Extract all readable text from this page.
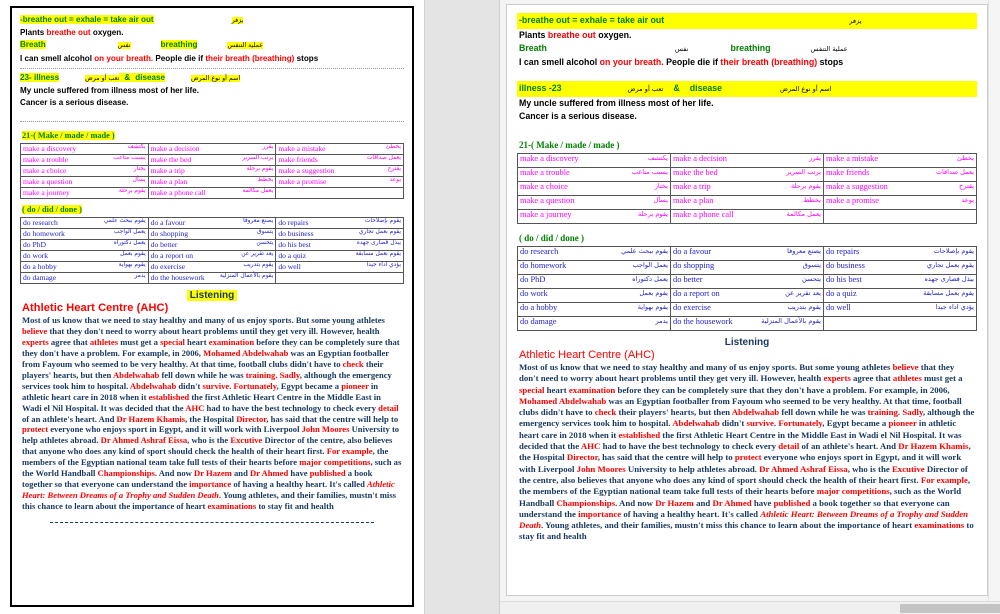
-breathe out = exhale = take air out	يزفر
Plants breathe out oxygen.
Breath	نفس	breathing	عملية التنفس
I can smell alcohol on your breath. People die if their breath (breathing) stops
23- illness	تعب أو مرض & disease	اسم أو نوع المرض
My uncle suffered from illness most of her life.
Cancer is a serious disease.
21-( Make / made / made )
make a discovery يكتشف	make a decision يقرر	make a mistake يخطئ

make a trouble يسبب متاعب	make the bed يرتب السرير	make friends يعمل صداقات

make a choice يختار	make a trip يقوم برحلة	make a suggestion يقترح

make a question يسأل	make a plan يخطط	make a promise يوعد

make a journey يقوم برحلة	make a phone call يعمل مكالمة	

( do / did / done )
do research يقوم ببحث علمي	do a favour يصنع معروفا	do repairs يقوم بإصلاحات

do homework يعمل الواجب	do shopping يتسوق	do business يقوم بعمل تجاري

do PhD يعمل دكتوراه	do better يتحسن	do his best يبذل قصارى جهده

do work يقوم بعمل	do a report on يعد تقرير عن	do a quiz يقوم بعمل مسابقة

do a hobby يقوم بهواية	do exercise يقوم بتدريب	do well يؤدي اداء جيدا

do damage يدمر	do the housework يقوم بالأعمال المنزلية	

Listening
Athletic Heart Centre (AHC)
Most of us know that we need to stay healthy and many of us enjoy sports. But some young athletes believe that they don't need to worry about heart problems until they get very ill. However, health experts agree that athletes must get a special heart examination before they can be completely sure that they don't have a problem. For example, in 2006, Mohamed Abdelwahab was an Egyptian footballer from Fayoum who seemed to be very healthy. At that time, football clubs didn't have to check their players' hearts, but then Abdelwahab fell down while he was training. Sadly, although the emergency services took him to hospital. Abdelwahab didn't survive. Fortunately, Egypt became a pioneer in athletic heart care in 2018 when it established the first Athletic Heart Centre in the Middle East in Wadi el Nil Hospital. It was decided that the AHC had to have the best technology to check every detail of an athlete's heart. And Dr Hazem Khamis, the Hospital Director, has said that the centre will help to protect everyone who enjoys sport in Egypt, and it will work with Liverpool John Moores University to help athletes abroad. Dr Ahmed Ashraf Eissa, who is the Excutive Director of the centre, also believes that anyone who does any kind of sport should check the health of their heart first. For example, the members of the Egyptian national team take full tests of their hearts before major competitions, such as the World Handball Championships. And now Dr Hazem and Dr Ahmed have published a book together so that everyone can understand the importance of having a healthy heart. It's called Athletic Heart: Between Dreams of a Trophy and Sudden Death. Young athletes, and their families, mustn't miss this chance to learn about the importance of heart examinations to stay fit and health
-breathe out = exhale = take air out	يزفر
Plants breathe out oxygen.
Breath	نفس	breathing	عملية التنفس
I can smell alcohol on your breath. People die if their breath (breathing) stops
illness -23	تعب أو مرض & disease	اسم أو نوع المرض
My uncle suffered from illness most of her life.
Cancer is a serious disease.
21-( Make / made / made )
make a discovery يكتشف	make a decision يقرر	make a mistake يخطئ

make a trouble يسبب متاعب	make the bed يرتب السرير	make friends يعمل صداقات

make a choice يختار	make a trip يقوم برحلة	make a suggestion يقترح

make a question يسأل	make a plan يخطط	make a promise يوعد

make a journey يقوم برحلة	make a phone call يعمل مكالمة	

( do / did / done )
do research يقوم ببحث علمي	do a favour يصنع معروفا	do repairs يقوم بإصلاحات

do homework يعمل الواجب	do shopping يتسوق	do business يقوم بعمل تجاري

do PhD يعمل دكتوراه	do better يتحسن	do his best يبذل قصارى جهده

do work يقوم بعمل	do a report on يعد تقرير عن	do a quiz يقوم بعمل مسابقة

do a hobby يقوم بهواية	do exercise يقوم بتدريب	do well يؤدي اداء جيدا

do damage يدمر	do the housework يقوم بالأعمال المنزلية	

Listening
Athletic Heart Centre (AHC)
Most of us know that we need to stay healthy and many of us enjoy sports. But some young athletes believe that they don't need to worry about heart problems until they get very ill. However, health experts agree that athletes must get a special heart examination before they can be completely sure that they don't have a problem. For example, in 2006, Mohamed Abdelwahab was an Egyptian footballer from Fayoum who seemed to be very healthy. At that time, football clubs didn't have to check their players' hearts, but then Abdelwahab fell down while he was training. Sadly, although the emergency services took him to hospital. Abdelwahab didn't survive. Fortunately, Egypt became a pioneer in athletic heart care in 2018 when it established the first Athletic Heart Centre in the Middle East in Wadi el Nil Hospital. It was decided that the AHC had to have the best technology to check every detail of an athlete's heart. And Dr Hazem Khamis, the Hospital Director, has said that the centre will help to protect everyone who enjoys sport in Egypt, and it will work with Liverpool John Moores University to help athletes abroad. Dr Ahmed Ashraf Eissa, who is the Excutive Director of the centre, also believes that anyone who does any kind of sport should check the health of their heart first. For example, the members of the Egyptian national team take full tests of their hearts before major competitions, such as the World Handball Championships. And now Dr Hazem and Dr Ahmed have published a book together so that everyone can understand the importance of having a healthy heart. It's called Athletic Heart: Between Dreams of a Trophy and Sudden Death. Young athletes, and their families, mustn't miss this chance to learn about the importance of heart examinations to stay fit and health
